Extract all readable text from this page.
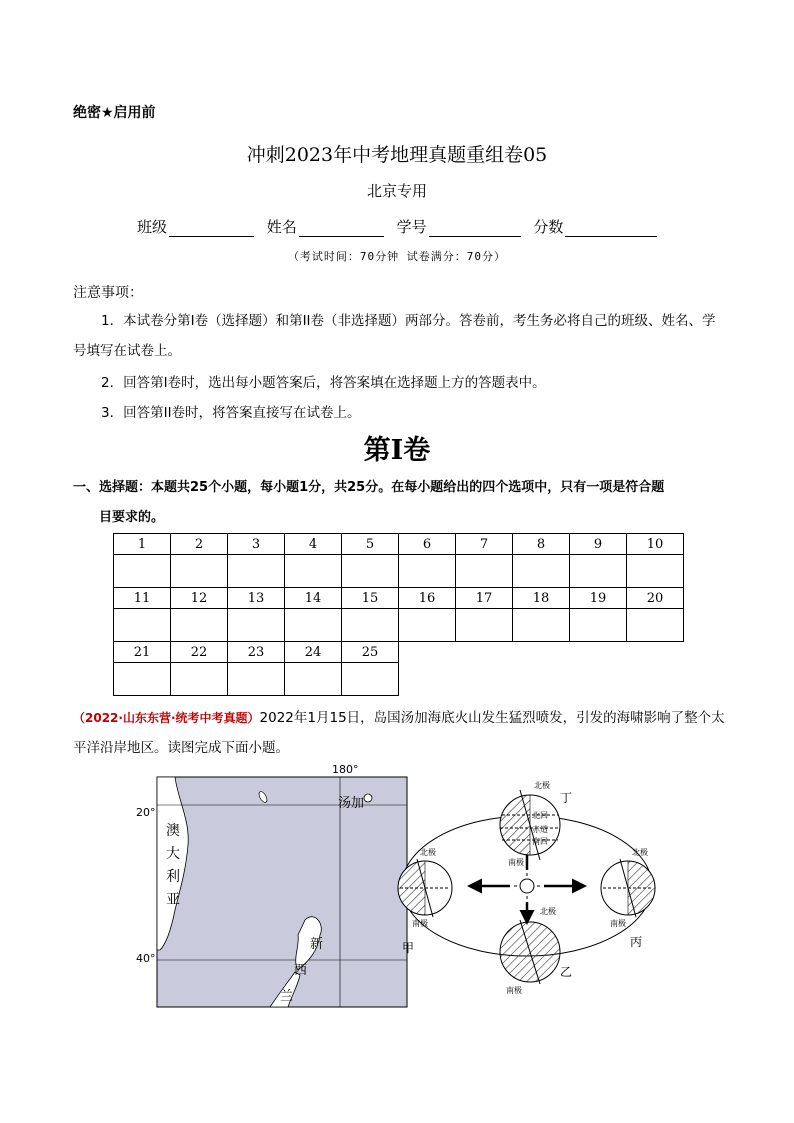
绝密★启用前
冲刺2023年中考地理真题重组卷05
北京专用
班级	姓名	学号	分数
（考试时间：70分钟 试卷满分：70分）
注意事项：
1．本试卷分第I卷（选择题）和第II卷（非选择题）两部分。答卷前，考生务必将自己的班级、姓名、学号填写在试卷上。
2．回答第I卷时，选出每小题答案后，将答案填在选择题上方的答题表中。
3．回答第II卷时，将答案直接写在试卷上。
第I卷
一、选择题：本题共25个小题，每小题1分，共25分。在每小题给出的四个选项中，只有一项是符合题
目要求的。
1	2	3	4	5	6	7	8	9	10

11	12	13	14	15	16	17	18	19	20

21	22	23	24	25					

（2022·山东东营·统考中考真题）2022年1月15日，岛国汤加海底火山发生猛烈喷发，引发的海啸影响了整个太平洋沿岸地区。读图完成下面小题。
180°
20°
40°
汤加
澳
大
利
亚
新
西
兰
北回
赤道
南回
北极
南极
丁
北极
南极
甲
北极
南极
丙
北极
南极
乙
